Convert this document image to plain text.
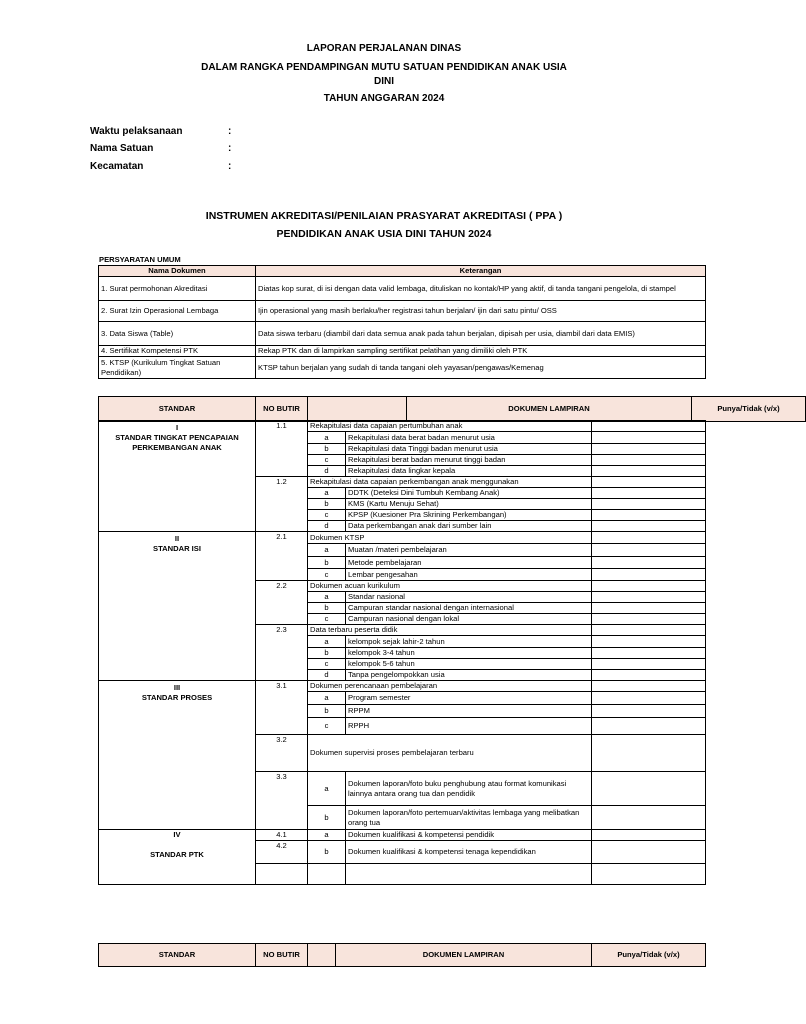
LAPORAN PERJALANAN DINAS
DALAM RANGKA PENDAMPINGAN MUTU SATUAN PENDIDIKAN ANAK USIA
DINI
TAHUN ANGGARAN 2024
Waktu pelaksanaan	:
Nama Satuan	:
Kecamatan	:
INSTRUMEN AKREDITASI/PENILAIAN PRASYARAT AKREDITASI ( PPA )
PENDIDIKAN ANAK USIA DINI TAHUN 2024
PERSYARATAN UMUM
Nama Dokumen	Keterangan
1. Surat permohonan Akreditasi	Diatas kop surat, di isi dengan data valid lembaga, dituliskan no kontak/HP yang aktif, di tanda tangani pengelola, di stampel
2. Surat Izin Operasional Lembaga	Ijin operasional yang masih berlaku/her registrasi tahun berjalan/ ijin dari satu pintu/ OSS
3. Data Siswa (Table)	Data siswa terbaru (diambil dari data semua anak pada tahun berjalan, dipisah per usia, diambil dari data EMIS)
4. Sertifikat Kompetensi PTK	Rekap PTK dan di lampirkan sampling sertifikat pelatihan yang dimiliki oleh PTK
5. KTSP (Kurikulum Tingkat Satuan Pendidikan)	KTSP tahun berjalan yang sudah di tanda tangani oleh yayasan/pengawas/Kemenag
STANDAR	NO BUTIR		DOKUMEN LAMPIRAN	Punya/Tidak (v/x)
I
STANDAR TINGKAT PENCAPAIAN PERKEMBANGAN ANAK	1.1	Rekapitulasi data capaian pertumbuhan anak		
		a	Rekapitulasi data berat badan menurut usia	
		b	Rekapitulasi data Tinggi badan menurut usia	
		c	Rekapitulasi berat badan menurut tinggi badan	
		d	Rekapitulasi data lingkar kepala	
	1.2	Rekapitulasi data capaian perkembangan anak menggunakan		
		a	DDTK (Deteksi Dini Tumbuh Kembang Anak)	
		b	KMS (Kartu Menuju Sehat)	
		c	KPSP (Kuesioner Pra Skrining Perkembangan)	
		d	Data perkembangan anak dari sumber lain	

II
STANDAR ISI	2.1	Dokumen KTSP		
		a	Muatan /materi pembelajaran	
		b	Metode pembelajaran	
		c	Lembar pengesahan	
	2.2	Dokumen acuan kurikulum		
		a	Standar nasional	
		b	Campuran standar nasional dengan internasional	
		c	Campuran nasional dengan lokal	
	2.3	Data terbaru peserta didik		
		a	kelompok sejak lahir-2 tahun	
		b	kelompok 3-4 tahun	
		c	kelompok 5-6 tahun	
		d	Tanpa pengelompokkan usia	

III
STANDAR PROSES	3.1	Dokumen perencanaan pembelajaran		
		a	Program semester	
		b	RPPM	
		c	RPPH	
	3.2	Dokumen supervisi proses pembelajaran terbaru		
	3.3	a	Dokumen laporan/foto buku penghubung atau format komunikasi lainnya antara orang tua dan pendidik	
		b	Dokumen laporan/foto pertemuan/aktivitas lembaga yang melibatkan orang tua	

IV
STANDAR PTK	4.1	a	Dokumen kualifikasi & kompetensi pendidik	
	4.2	b	Dokumen kualifikasi & kompetensi tenaga kependidikan	

STANDAR	NO BUTIR		DOKUMEN LAMPIRAN	Punya/Tidak (v/x)
